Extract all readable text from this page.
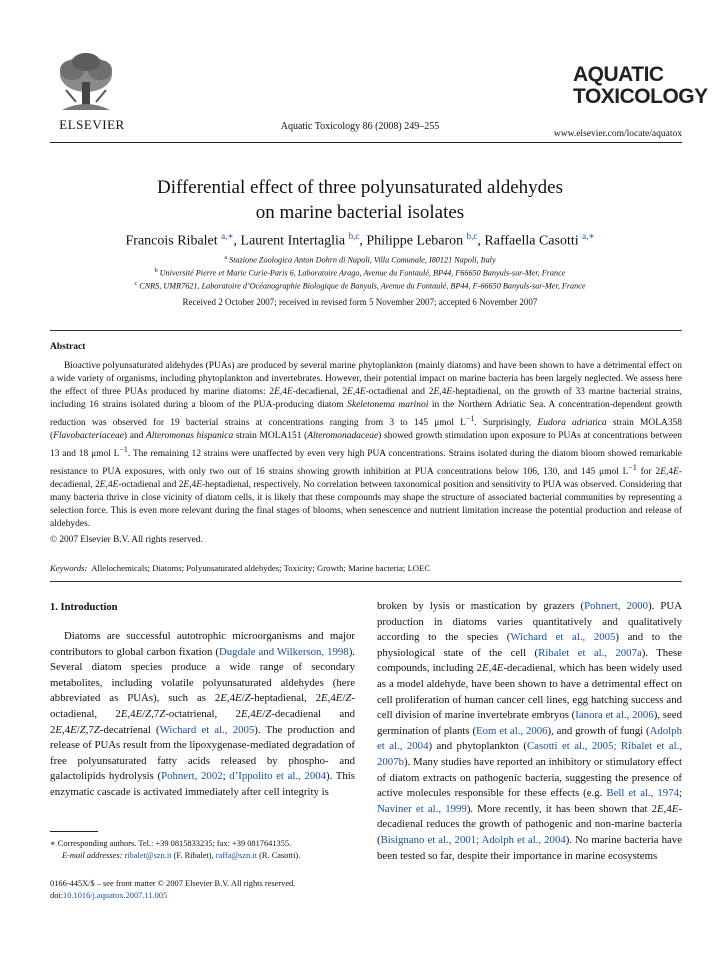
ELSEVIER	Aquatic Toxicology 86 (2008) 249–255
AQUATIC
TOXICOLOGY
www.elsevier.com/locate/aquatox
Differential effect of three polyunsaturated aldehydes
on marine bacterial isolates
Francois Ribalet $^{a,∗}$, Laurent Intertaglia $^{b,c}$, Philippe Lebaron $^{b,c}$, Raffaella Casotti $^{a,∗}$
$^a$ Stazione Zoologica Anton Dohrn di Napoli, Villa Comunale, I80121 Napoli, Italy
$^b$ Université Pierre et Marie Curie-Paris 6, Laboratoire Arago, Avenue du Fontaulé, BP44, F66650 Banyuls-sur-Mer, France
$^c$ CNRS, UMR7621, Laboratoire d’Océanographie Biologique de Banyuls, Avenue du Fontaulé, BP44, F-66650 Banyuls-sur-Mer, France
Received 2 October 2007; received in revised form 5 November 2007; accepted 6 November 2007
Abstract
Bioactive polyunsaturated aldehydes (PUAs) are produced by several marine phytoplankton (mainly diatoms) and have been shown to have a detrimental effect on a wide variety of organisms, including phytoplankton and invertebrates. However, their potential impact on marine bacteria has been largely neglected. We assess here the effect of three PUAs produced by marine diatoms: 2E,4E-decadienal, 2E,4E-octadienal and 2E,4E-heptadienal, on the growth of 33 marine bacterial strains, including 16 strains isolated during a bloom of the PUA-producing diatom Skeletonema marinoi in the Northern Adriatic Sea. A concentration-dependent growth reduction was observed for 19 bacterial strains at concentrations ranging from 3 to 145 μmol $L^{-1}$. Surprisingly, Eudora adriatica strain MOLA358 (Flavobacteriaceae) and Alteromonas hispanica strain MOLA151 (Alteromonadaceae) showed growth stimulation upon exposure to PUAs at concentrations between 13 and 18 μmol $L^{-1}$. The remaining 12 strains were unaffected by even very high PUA concentrations. Strains isolated during the diatom bloom showed remarkable resistance to PUA exposures, with only two out of 16 strains showing growth inhibition at PUA concentrations below 106, 130, and 145 μmol $L^{-1}$ for 2E,4E-decadienal, 2E,4E-octadienal and 2E,4E-heptadienal, respectively. No correlation between taxonomical position and sensitivity to PUA was observed. Considering that many bacteria thrive in close vicinity of diatom cells, it is likely that these compounds may shape the structure of associated bacterial communities by representing a selection force. This is even more relevant during the final stages of blooms, when senescence and nutrient limitation increase the potential production and release of aldehydes.
© 2007 Elsevier B.V. All rights reserved.
Keywords: Allelochemicals; Diatoms; Polyunsaturated aldehydes; Toxicity; Growth; Marine bacteria; LOEC
1. Introduction
Diatoms are successful autotrophic microorganisms and major contributors to global carbon fixation (Dugdale and Wilkerson, 1998). Several diatom species produce a wide range of secondary metabolites, including volatile polyunsaturated aldehydes (here abbreviated as PUAs), such as 2E,4E/Z-heptadienal, 2E,4E/Z-octadienal, 2E,4E/Z,7Z-octatrienal, 2E,4E/Z-decadienal and 2E,4E/Z,7Z-decatrienal (Wichard et al., 2005). The production and release of PUAs result from the lipoxygenase-mediated degradation of free polyunsaturated fatty acids released by phospho- and galactolipids hydrolysis (Pohnert, 2002; d’Ippolito et al., 2004). This enzymatic cascade is activated immediately after cell integrity is
broken by lysis or mastication by grazers (Pohnert, 2000). PUA production in diatoms varies quantitatively and qualitatively according to the species (Wichard et al., 2005) and to the physiological state of the cell (Ribalet et al., 2007a). These compounds, including 2E,4E-decadienal, which has been widely used as a model aldehyde, have been shown to have a detrimental effect on cell proliferation of human cancer cell lines, egg hatching success and cell division of marine invertebrate embryos (Ianora et al., 2006), seed germination of plants (Eom et al., 2006), and growth of fungi (Adolph et al., 2004) and phytoplankton (Casotti et al., 2005; Ribalet et al., 2007b). Many studies have reported an inhibitory or stimulatory effect of diatom extracts on pathogenic bacteria, suggesting the presence of active molecules responsible for these effects (e.g. Bell et al., 1974; Naviner et al., 1999). More recently, it has been shown that 2E,4E-decadienal reduces the growth of pathogenic and non-marine bacteria (Bisignano et al., 2001; Adolph et al., 2004). No marine bacteria have been tested so far, despite their importance in marine ecosystems
∗ Corresponding authors. Tel.: +39 0815833235; fax: +39 0817641355.
E-mail addresses: ribalet@szn.it (F. Ribalet), raffa@szn.it (R. Casotti).
0166-445X/$ – see front matter © 2007 Elsevier B.V. All rights reserved.
doi:10.1016/j.aquatox.2007.11.005
